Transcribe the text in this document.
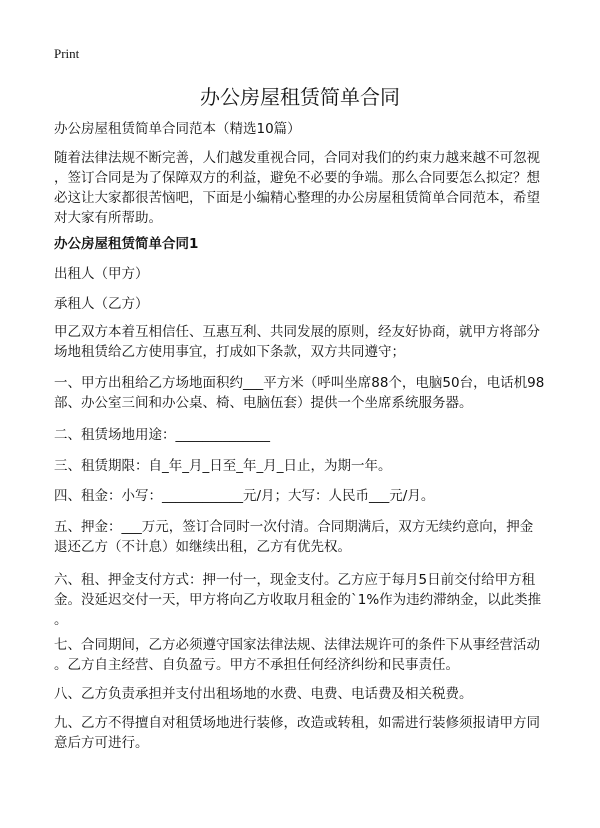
Print
办公房屋租赁简单合同
办公房屋租赁简单合同范本（精选10篇）
随着法律法规不断完善，人们越发重视合同，合同对我们的约束力越来越不可忽视
，签订合同是为了保障双方的利益，避免不必要的争端。那么合同要怎么拟定？想
必这让大家都很苦恼吧，下面是小编精心整理的办公房屋租赁简单合同范本，希望
对大家有所帮助。
办公房屋租赁简单合同1
出租人（甲方）
承租人（乙方）
甲乙双方本着互相信任、互惠互利、共同发展的原则，经友好协商，就甲方将部分
场地租赁给乙方使用事宜，打成如下条款，双方共同遵守；
一、甲方出租给乙方场地面积约___平方米（呼叫坐席88个，电脑50台，电话机98
部、办公室三间和办公桌、椅、电脑伍套）提供一个坐席系统服务器。
二、租赁场地用途：______________
三、租赁期限：自_年_月_日至_年_月_日止，为期一年。
四、租金：小写：____________元/月；大写：人民币___元/月。
五、押金：___万元，签订合同时一次付清。合同期满后，双方无续约意向，押金
退还乙方（不计息）如继续出租，乙方有优先权。
六、租、押金支付方式：押一付一，现金支付。乙方应于每月5日前交付给甲方租
金。没延迟交付一天，甲方将向乙方收取月租金的`1%作为违约滞纳金，以此类推
。
七、合同期间，乙方必须遵守国家法律法规、法律法规许可的条件下从事经营活动
。乙方自主经营、自负盈亏。甲方不承担任何经济纠纷和民事责任。
八、乙方负责承担并支付出租场地的水费、电费、电话费及相关税费。
九、乙方不得擅自对租赁场地进行装修，改造或转租，如需进行装修须报请甲方同
意后方可进行。
